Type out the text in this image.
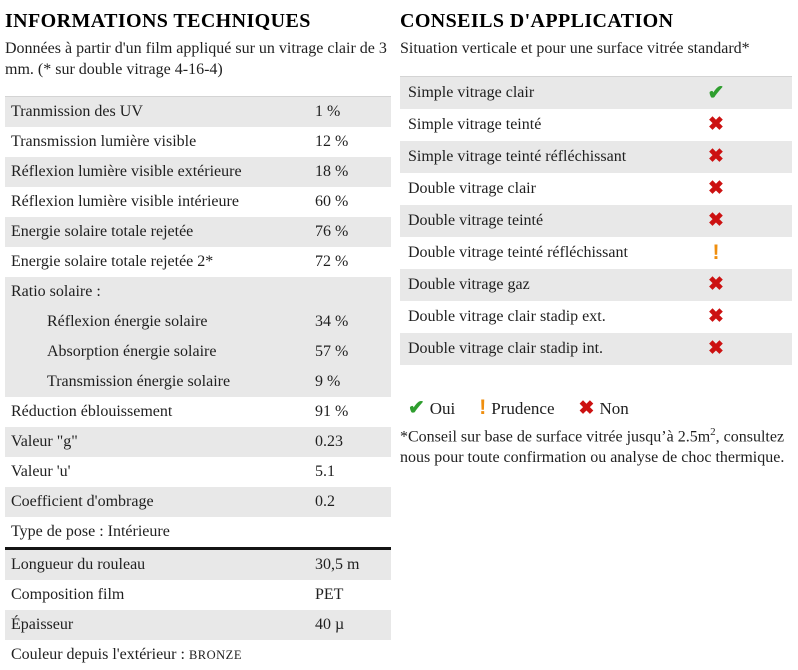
INFORMATIONS TECHNIQUES
Données à partir d'un film appliqué sur un vitrage clair de 3 mm. (* sur double vitrage 4-16-4)
Tranmission des UV	1 %
Transmission lumière visible	12 %
Réflexion lumière visible extérieure	18 %
Réflexion lumière visible intérieure	60 %
Energie solaire totale rejetée	76 %
Energie solaire totale rejetée 2*	72 %
Ratio solaire :
Réflexion énergie solaire	34 %
Absorption énergie solaire	57 %
Transmission énergie solaire	9 %
Réduction éblouissement	91 %
Valeur "g"	0.23
Valeur 'u'	5.1
Coefficient d'ombrage	0.2
Type de pose : Intérieure
Longueur du rouleau	30,5 m
Composition film	PET
Épaisseur	40 µ
Couleur depuis l'extérieur : BRONZE
CONSEILS D'APPLICATION
Situation verticale et pour une surface vitrée standard*
Simple vitrage clair	✔
Simple vitrage teinté	✖
Simple vitrage teinté réfléchissant	✖
Double vitrage clair	✖
Double vitrage teinté	✖
Double vitrage teinté réfléchissant	!
Double vitrage gaz	✖
Double vitrage clair stadip ext.	✖
Double vitrage clair stadip int.	✖
✔ Oui ! Prudence ✖ Non
*Conseil sur base de surface vitrée jusqu’à $2.5m^2$, consultez nous pour toute confirmation ou analyse de choc thermique.
